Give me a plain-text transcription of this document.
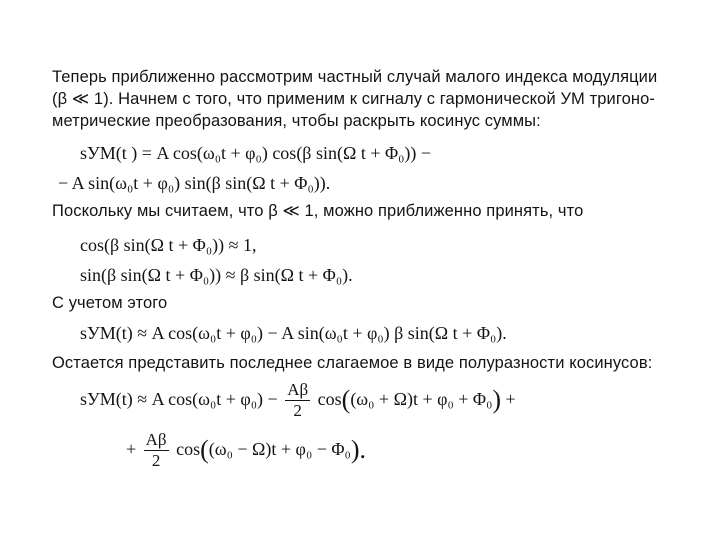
Теперь приближенно рассмотрим частный случай малого индекса модуляции
(β ≪ 1). Начнем с того, что применим к сигналу с гармонической УМ тригоно-
метрические преобразования, чтобы раскрыть косинус суммы:
sУМ(t ) = A cos(ω₀t + φ₀) cos(β sin(Ω t + Φ₀)) −
− A sin(ω₀t + φ₀) sin(β sin(Ω t + Φ₀)).
Поскольку мы считаем, что β ≪ 1, можно приближенно принять, что
cos(β sin(Ω t + Φ₀)) ≈ 1,
sin(β sin(Ω t + Φ₀)) ≈ β sin(Ω t + Φ₀).
С учетом этого
sУМ(t) ≈ A cos(ω₀t + φ₀) − A sin(ω₀t + φ₀) β sin(Ω t + Φ₀).
Остается представить последнее слагаемое в виде полуразности косинусов:
sУМ(t) ≈ A $\cos(\omega_0t + \varphi_0) - \frac{A\beta}{2} \cos((\omega_0 + \Omega)t + \varphi_0 + \Phi_0)$ +
+ $\frac{A\beta}{2} \cos((\omega_0 - \Omega)t + \varphi_0 - \Phi_0)$.
